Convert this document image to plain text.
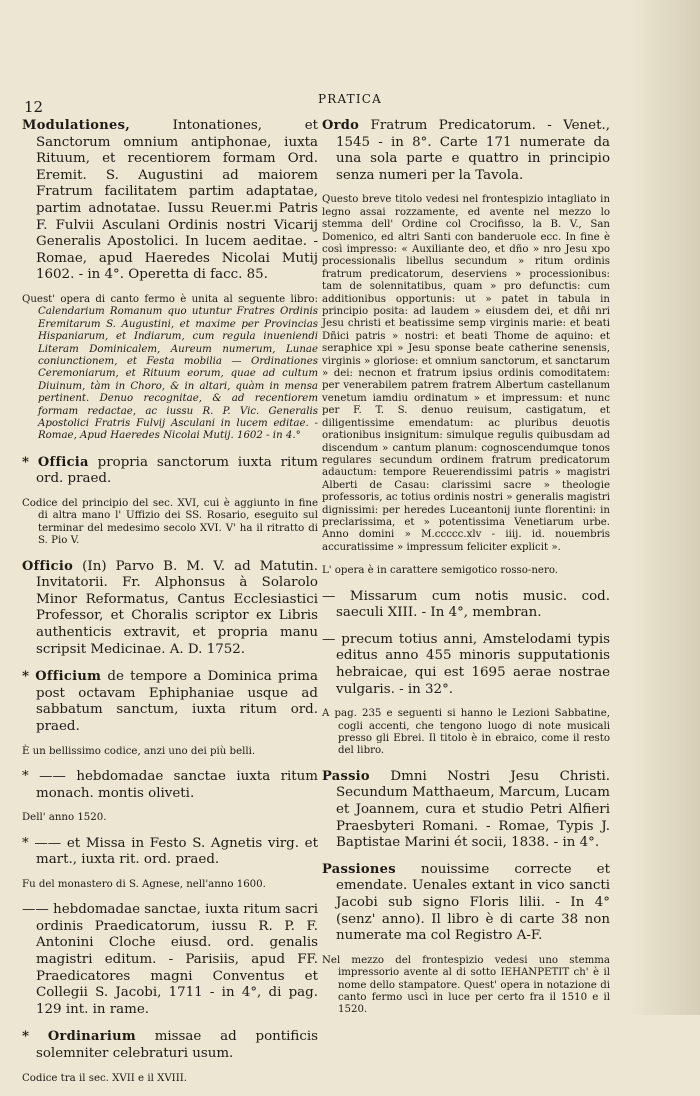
12	PRATICA

Modulationes, Intonationes, et Sanctorum omnium antiphonae, iuxta Rituum, et recentiorem formam Ord. Eremit. S. Augustini ad maiorem Fratrum facilitatem partim adaptatae, partim adnotatae. Iussu Reuer.mi Patris F. Fulvii Asculani Ordinis nostri Vicarij Generalis Apostolici. In lucem aeditae. - Romae, apud Haeredes Nicolai Mutij 1602. - in 4°. Operetta di facc. 85.

Quest' opera di canto fermo è unita al seguente libro: Calendarium Romanum quo utuntur Fratres Ordinis Eremitarum S. Augustini, et maxime per Provincias Hispaniarum, et Indiarum, cum regula inueniendi Literam Dominicalem, Aureum numerum, Lunae coniunctionem, et Festa mobilia — Ordinationes Ceremoniarum, et Rituum eorum, quae ad cultum Diuinum, tàm in Choro, & in altari, quàm in mensa pertinent. Denuo recognitae, & ad recentiorem formam redactae, ac iussu R. P. Vic. Generalis Apostolici Fratris Fulvij Asculani in lucem editae. - Romae, Apud Haeredes Nicolai Mutij. 1602 - in 4.°

* Officia propria sanctorum iuxta ritum ord. praed.

Codice del principio del sec. XVI, cui è aggiunto in fine di altra mano l' Uffizio dei SS. Rosario, eseguito sul terminar del medesimo secolo XVI. V' ha il ritratto di S. Pio V.

Officio (In) Parvo B. M. V. ad Matutin. Invitatorii. Fr. Alphonsus à Solarolo Minor Reformatus, Cantus Ecclesiastici Professor, et Choralis scriptor ex Libris authenticis extravit, et propria manu scripsit Medicinae. A. D. 1752.

* Officium de tempore a Dominica prima post octavam Ephiphaniae usque ad sabbatum sanctum, iuxta ritum ord. praed.

È un bellissimo codice, anzi uno dei più belli.

* —— hebdomadae sanctae iuxta ritum monach. montis oliveti.

Dell' anno 1520.

* —— et Missa in Festo S. Agnetis virg. et mart., iuxta rit. ord. praed.

Fu del monastero di S. Agnese, nell'anno 1600.

—— hebdomadae sanctae, iuxta ritum sacri ordinis Praedicatorum, iussu R. P. F. Antonini Cloche eiusd. ord. genalis magistri editum. - Parisiis, apud FF. Praedicatores magni Conventus et Collegii S. Jacobi, 1711 - in 4°, di pag. 129 int. in rame.

* Ordinarium missae ad pontificis solemniter celebraturi usum.

Codice tra il sec. XVII e il XVIII.

Ordo Fratrum Predicatorum. - Venet., 1545 - in 8°. Carte 171 numerate da una sola parte e quattro in principio senza numeri per la Tavola.

Questo breve titolo vedesi nel frontespizio intagliato in legno assai rozzamente, ed avente nel mezzo lo stemma dell' Ordine col Crocifisso, la B. V., San Domenico, ed altri Santi con banderuole ecc. In fine è così impresso: « Auxiliante deo, et dño » nro Jesu xpo processionalis libellus secundum » ritum ordinis fratrum predicatorum, deserviens » processionibus: tam de solennitatibus, quam » pro defunctis: cum additionibus opportunis: ut » patet in tabula in principio posita: ad laudem » eiusdem dei, et dñi nri Jesu christi et beatissime semp virginis marie: et beati Dñici patris » nostri: et beati Thome de aquino: et seraphice xpi » Jesu sponse beate catherine senensis, virginis » gloriose: et omnium sanctorum, et sanctarum » dei: necnon et fratrum ipsius ordinis comoditatem: per venerabilem patrem fratrem Albertum castellanum venetum iamdiu ordinatum » et impressum: et nunc per F. T. S. denuo reuisum, castigatum, et diligentissime emendatum: ac pluribus deuotis orationibus insignitum: simulque regulis quibusdam ad discendum » cantum planum: cognoscendumque tonos regulares secundum ordinem fratrum predicatorum adauctum: tempore Reuerendissimi patris » magistri Alberti de Casau: clarissimi sacre » theologie professoris, ac totius ordinis nostri » generalis magistri dignissimi: per heredes Luceantonij iunte florentini: in preclarissima, et » potentissima Venetiarum urbe. Anno domini » M.ccccc.xlv - iiij. id. nouembris accuratissime » impressum feliciter explicit ».

L' opera è in carattere semigotico rosso-nero.

— Missarum cum notis music. cod. saeculi XIII. - In 4°, membran.

— precum totius anni, Amstelodami typis editus anno 455 minoris supputationis hebraicae, qui est 1695 aerae nostrae vulgaris. - in 32°.

A pag. 235 e seguenti si hanno le Lezioni Sabbatine, cogli accenti, che tengono luogo di note musicali presso gli Ebrei. Il titolo è in ebraico, come il resto del libro.

Passio Dmni Nostri Jesu Christi. Secundum Matthaeum, Marcum, Lucam et Joannem, cura et studio Petri Alfieri Praesbyteri Romani. - Romae, Typis J. Baptistae Marini ét socii, 1838. - in 4°.

Passiones nouissime correcte et emendate. Uenales extant in vico sancti Jacobi sub signo Floris lilii. - In 4° (senz' anno). Il libro è di carte 38 non numerate ma col Registro A-F.

Nel mezzo del frontespizio vedesi uno stemma impressorio avente al di sotto IEHANPETIT ch' è il nome dello stampatore. Quest' opera in notazione di canto fermo uscì in luce per certo fra il 1510 e il 1520.
